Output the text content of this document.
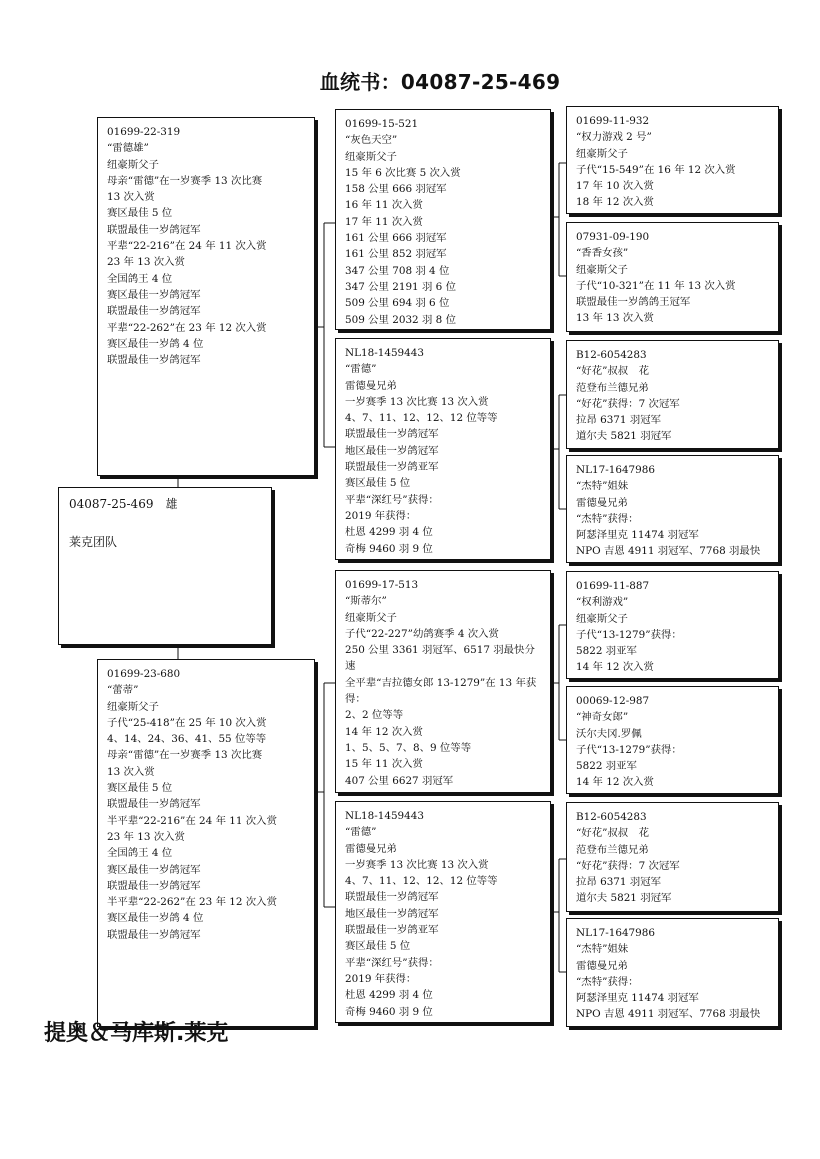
血统书：04087-25-469
04087-25-469　雄
莱克团队
01699-22-319
“雷德雄”
纽豪斯父子
母亲“雷德”在一岁赛季 13 次比赛
13 次入赏
赛区最佳 5 位
联盟最佳一岁鸽冠军
平辈“22-216”在 24 年 11 次入赏
23 年 13 次入赏
全国鸽王 4 位
赛区最佳一岁鸽冠军
联盟最佳一岁鸽冠军
平辈“22-262”在 23 年 12 次入赏
赛区最佳一岁鸽 4 位
联盟最佳一岁鸽冠军
01699-23-680
“蕾蒂”
纽豪斯父子
子代“25-418”在 25 年 10 次入赏
4、14、24、36、41、55 位等等
母亲“雷德”在一岁赛季 13 次比赛
13 次入赏
赛区最佳 5 位
联盟最佳一岁鸽冠军
半平辈“22-216”在 24 年 11 次入赏
23 年 13 次入赏
全国鸽王 4 位
赛区最佳一岁鸽冠军
联盟最佳一岁鸽冠军
半平辈“22-262”在 23 年 12 次入赏
赛区最佳一岁鸽 4 位
联盟最佳一岁鸽冠军
01699-15-521
“灰色天空”
纽豪斯父子
15 年 6 次比赛 5 次入赏
158 公里 666 羽冠军
16 年 11 次入赏
17 年 11 次入赏
161 公里 666 羽冠军
161 公里 852 羽冠军
347 公里 708 羽 4 位
347 公里 2191 羽 6 位
509 公里 694 羽 6 位
509 公里 2032 羽 8 位
NL18-1459443
“雷德”
雷德曼兄弟
一岁赛季 13 次比赛 13 次入赏
4、7、11、12、12、12 位等等
联盟最佳一岁鸽冠军
地区最佳一岁鸽冠军
联盟最佳一岁鸽亚军
赛区最佳 5 位
平辈“深红号”获得：
2019 年获得：
杜恩 4299 羽 4 位
奇梅 9460 羽 9 位
01699-17-513
“斯蒂尔”
纽豪斯父子
子代“22-227”幼鸽赛季 4 次入赏
250 公里 3361 羽冠军、6517 羽最快分速
全平辈“吉拉德女郎 13-1279”在 13 年获得：
2、2 位等等
14 年 12 次入赏
1、5、5、7、8、9 位等等
15 年 11 次入赏
407 公里 6627 羽冠军
NL18-1459443
“雷德”
雷德曼兄弟
一岁赛季 13 次比赛 13 次入赏
4、7、11、12、12、12 位等等
联盟最佳一岁鸽冠军
地区最佳一岁鸽冠军
联盟最佳一岁鸽亚军
赛区最佳 5 位
平辈“深红号”获得：
2019 年获得：
杜恩 4299 羽 4 位
奇梅 9460 羽 9 位
01699-11-932
“权力游戏 2 号”
纽豪斯父子
子代“15-549”在 16 年 12 次入赏
17 年 10 次入赏
18 年 12 次入赏
07931-09-190
“香香女孩”
纽豪斯父子
子代“10-321”在 11 年 13 次入赏
联盟最佳一岁鸽鸽王冠军
13 年 13 次入赏
B12-6054283
“好花”叔叔　花
范登布兰德兄弟
“好花”获得：7 次冠军
拉昂 6371 羽冠军
道尔夫 5821 羽冠军
NL17-1647986
“杰特”姐妹
雷德曼兄弟
“杰特”获得：
阿瑟泽里克 11474 羽冠军
NPO 吉恩 4911 羽冠军、7768 羽最快
01699-11-887
“权利游戏”
纽豪斯父子
子代“13-1279”获得：
5822 羽亚军
14 年 12 次入赏
00069-12-987
“神奇女郎”
沃尔夫冈.罗佩
子代“13-1279”获得：
5822 羽亚军
14 年 12 次入赏
B12-6054283
“好花”叔叔　花
范登布兰德兄弟
“好花”获得：7 次冠军
拉昂 6371 羽冠军
道尔夫 5821 羽冠军
NL17-1647986
“杰特”姐妹
雷德曼兄弟
“杰特”获得：
阿瑟泽里克 11474 羽冠军
NPO 吉恩 4911 羽冠军、7768 羽最快
提奥＆马库斯.莱克
